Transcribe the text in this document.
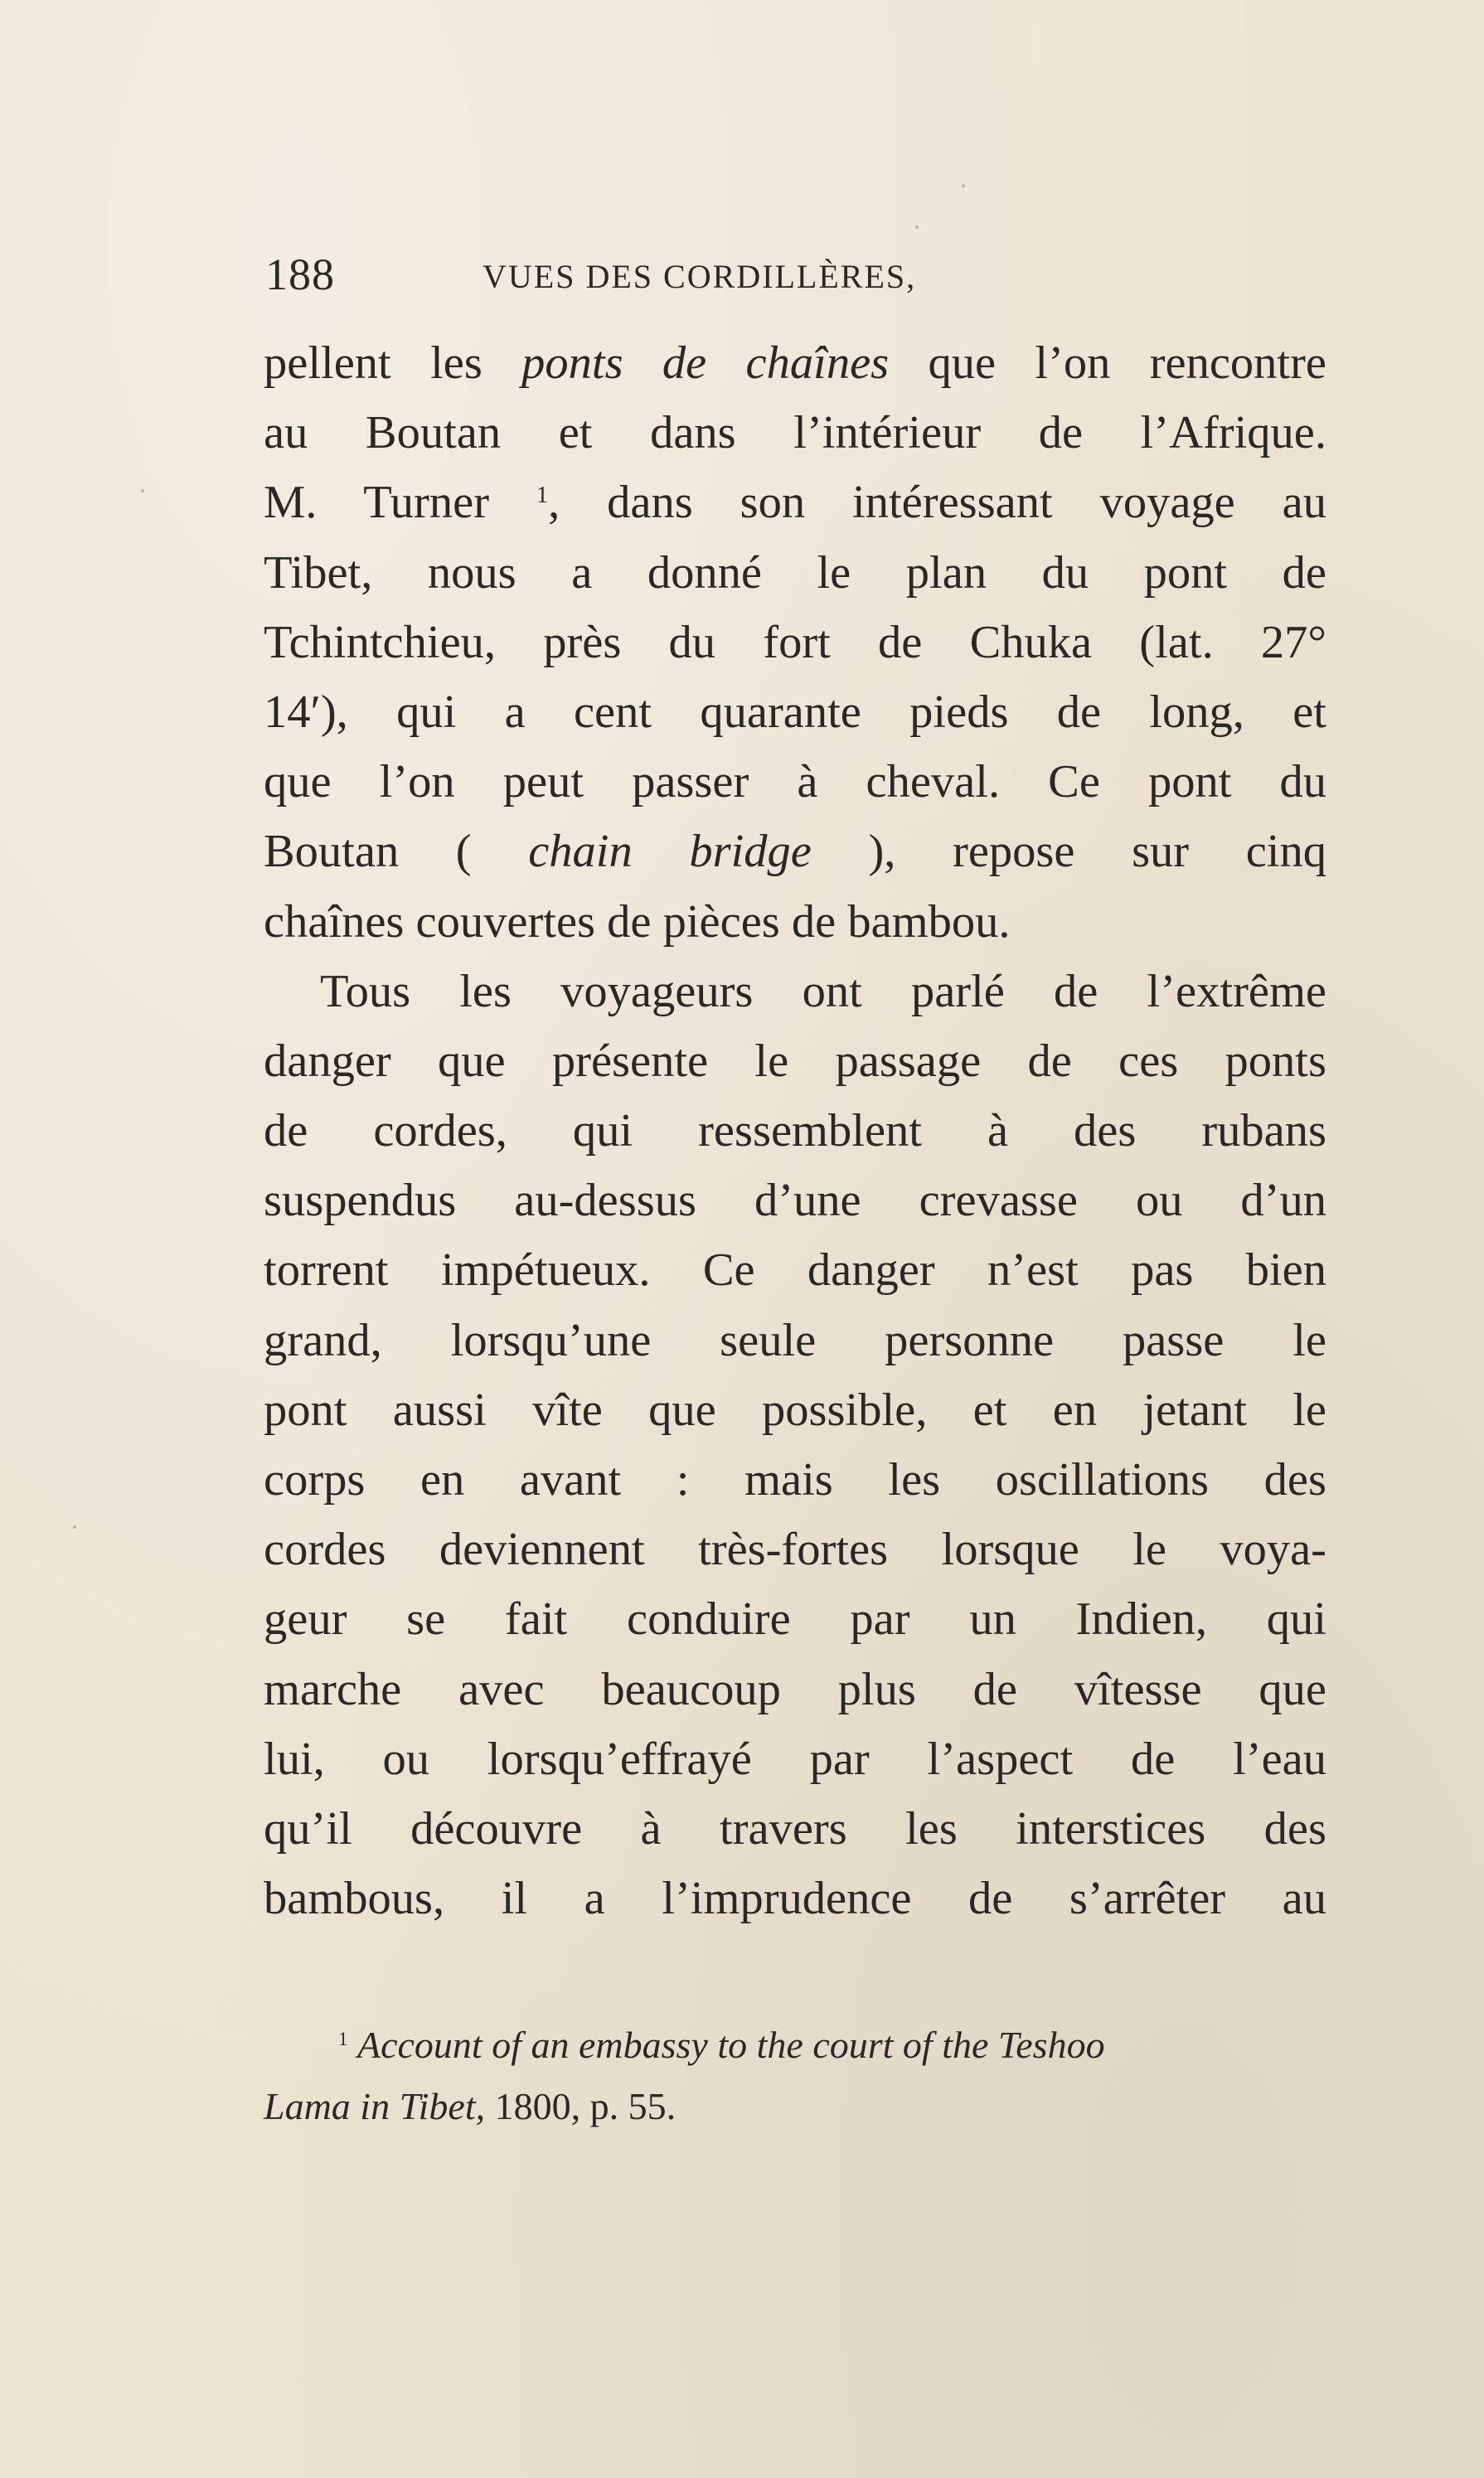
188	VUES DES CORDILLÈRES,
pellent les ponts de chaînes que l’on rencontre
au Boutan et dans l’intérieur de l’Afrique.
M. Turner $^1$, dans son intéressant voyage au
Tibet, nous a donné le plan du pont de
Tchintchieu, près du fort de Chuka (lat. 27°
14′), qui a cent quarante pieds de long, et
que l’on peut passer à cheval. Ce pont du
Boutan ( chain bridge ), repose sur cinq
chaînes couvertes de pièces de bambou.
Tous les voyageurs ont parlé de l’extrême
danger que présente le passage de ces ponts
de cordes, qui ressemblent à des rubans
suspendus au-dessus d’une crevasse ou d’un
torrent impétueux. Ce danger n’est pas bien
grand, lorsqu’une seule personne passe le
pont aussi vîte que possible, et en jetant le
corps en avant : mais les oscillations des
cordes deviennent très-fortes lorsque le voya-
geur se fait conduire par un Indien, qui
marche avec beaucoup plus de vîtesse que
lui, ou lorsqu’effrayé par l’aspect de l’eau
qu’il découvre à travers les interstices des
bambous, il a l’imprudence de s’arrêter au
$^1$ Account of an embassy to the court of the Teshoo
Lama in Tibet, 1800, p. 55.
